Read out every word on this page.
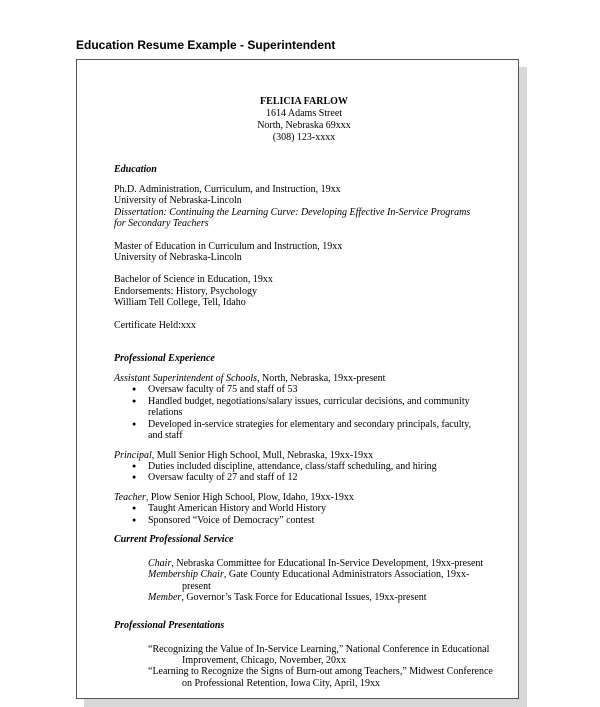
Education Resume Example - Superintendent
FELICIA FARLOW
1614 Adams Street
North, Nebraska 69xxx
(308) 123-xxxx
Education
Ph.D. Administration, Curriculum, and Instruction, 19xx
University of Nebraska-Lincoln
Dissertation: Continuing the Learning Curve: Developing Effective In-Service Programs
for Secondary Teachers
Master of Education in Curriculum and Instruction, 19xx
University of Nebraska-Lincoln
Bachelor of Science in Education, 19xx
Endorsements: History, Psychology
William Tell College, Tell, Idaho
Certificate Held:xxx
Professional Experience
Assistant Superintendent of Schools, North, Nebraska, 19xx-present
● Oversaw faculty of 75 and staff of 53
● Handled budget, negotiations/salary issues, curricular decisions, and community
relations
● Developed in-service strategies for elementary and secondary principals, faculty,
and staff
Principal, Mull Senior High School, Mull, Nebraska, 19xx-19xx
● Duties included discipline, attendance, class/staff scheduling, and hiring
● Oversaw faculty of 27 and staff of 12
Teacher, Plow Senior High School, Plow, Idaho, 19xx-19xx
● Taught American History and World History
● Sponsored “Voice of Democracy” contest
Current Professional Service
Chair, Nebraska Committee for Educational In-Service Development, 19xx-present
Membership Chair, Gate County Educational Administrators Association, 19xx-
present
Member, Governor’s Task Force for Educational Issues, 19xx-present
Professional Presentations
“Recognizing the Value of In-Service Learning,” National Conference in Educational
Improvement, Chicago, November, 20xx
“Learning to Recognize the Signs of Burn-out among Teachers,” Midwest Conference
on Professional Retention, Iowa City, April, 19xx
